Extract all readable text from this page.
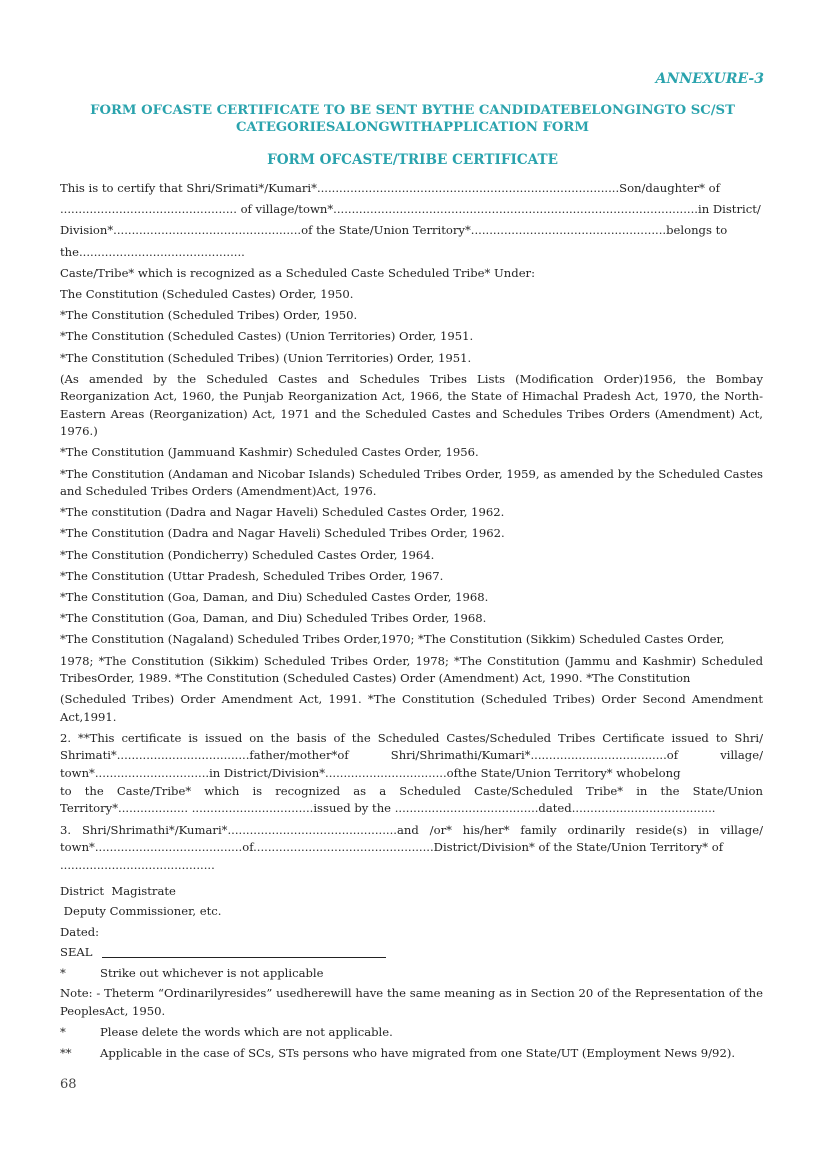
ANNEXURE-3
FORM OFCASTE CERTIFICATE TO BE SENT BYTHE CANDIDATEBELONGINGTO SC/ST
CATEGORIESALONGWITHAPPLICATION FORM
FORM OFCASTE/TRIBE CERTIFICATE

This is to certify that Shri/Srimati*/Kumari*..................................................................................Son/daughter* of

................................................ of village/town*...................................................................................................in District/

Division*...................................................of the State/Union Territory*.....................................................belongs to

the.............................................

Caste/Tribe* which is recognized as a Scheduled Caste Scheduled Tribe* Under:

The Constitution (Scheduled Castes) Order, 1950.

*The Constitution (Scheduled Tribes) Order, 1950.

*The Constitution (Scheduled Castes) (Union Territories) Order, 1951.

*The Constitution (Scheduled Tribes) (Union Territories) Order, 1951.

(As amended by the Scheduled Castes and Schedules Tribes Lists (Modification Order)1956, the Bombay Reorganization Act, 1960, the Punjab Reorganization Act, 1966, the State of Himachal Pradesh Act, 1970, the North-Eastern Areas (Reorganization) Act, 1971 and the Scheduled Castes and Schedules Tribes Orders (Amendment) Act, 1976.)

*The Constitution (Jammuand Kashmir) Scheduled Castes Order, 1956.

*The Constitution (Andaman and Nicobar Islands) Scheduled Tribes Order, 1959, as amended by the Scheduled Castes and Scheduled Tribes Orders (Amendment)Act, 1976.

*The constitution (Dadra and Nagar Haveli) Scheduled Castes Order, 1962.

*The Constitution (Dadra and Nagar Haveli) Scheduled Tribes Order, 1962.

*The Constitution (Pondicherry) Scheduled Castes Order, 1964.

*The Constitution (Uttar Pradesh, Scheduled Tribes Order, 1967.

*The Constitution (Goa, Daman, and Diu) Scheduled Castes Order, 1968.

*The Constitution (Goa, Daman, and Diu) Scheduled Tribes Order, 1968.

*The Constitution (Nagaland) Scheduled Tribes Order,1970; *The Constitution (Sikkim) Scheduled Castes Order,

1978; *The Constitution (Sikkim) Scheduled Tribes Order, 1978; *The Constitution (Jammu and Kashmir) Scheduled TribesOrder, 1989. *The Constitution (Scheduled Castes) Order (Amendment) Act, 1990. *The Constitution

(Scheduled Tribes) Order Amendment Act, 1991. *The Constitution (Scheduled Tribes) Order Second Amendment Act,1991.

2. **This certificate is issued on the basis of the Scheduled Castes/Scheduled Tribes Certificate issued to Shri/ Shrimati*....................................father/mother*of Shri/Shrimathi/Kumari*.....................................of village/ town*...............................in District/Division*.................................ofthe State/Union Territory* whobelong

to the Caste/Tribe* which is recognized as a Scheduled Caste/Scheduled Tribe* in the State/Union Territory*................... .................................issued by the .......................................dated.......................................

3. Shri/Shrimathi*/Kumari*..............................................and /or* his/her* family ordinarily reside(s) in village/ town*........................................of.................................................District/Division* of the State/Union Territory* of

..........................................

District  Magistrate
Deputy Commissioner, etc.
Dated:
SEAL
*	Strike out whichever is not applicable

Note: - Theterm “Ordinarilyresides” usedherewill have the same meaning as in Section 20 of the Representation of the PeoplesAct, 1950.

*	Please delete the words which are not applicable.
**	Applicable in the case of SCs, STs persons who have migrated from one State/UT (Employment News 9/92).
68
